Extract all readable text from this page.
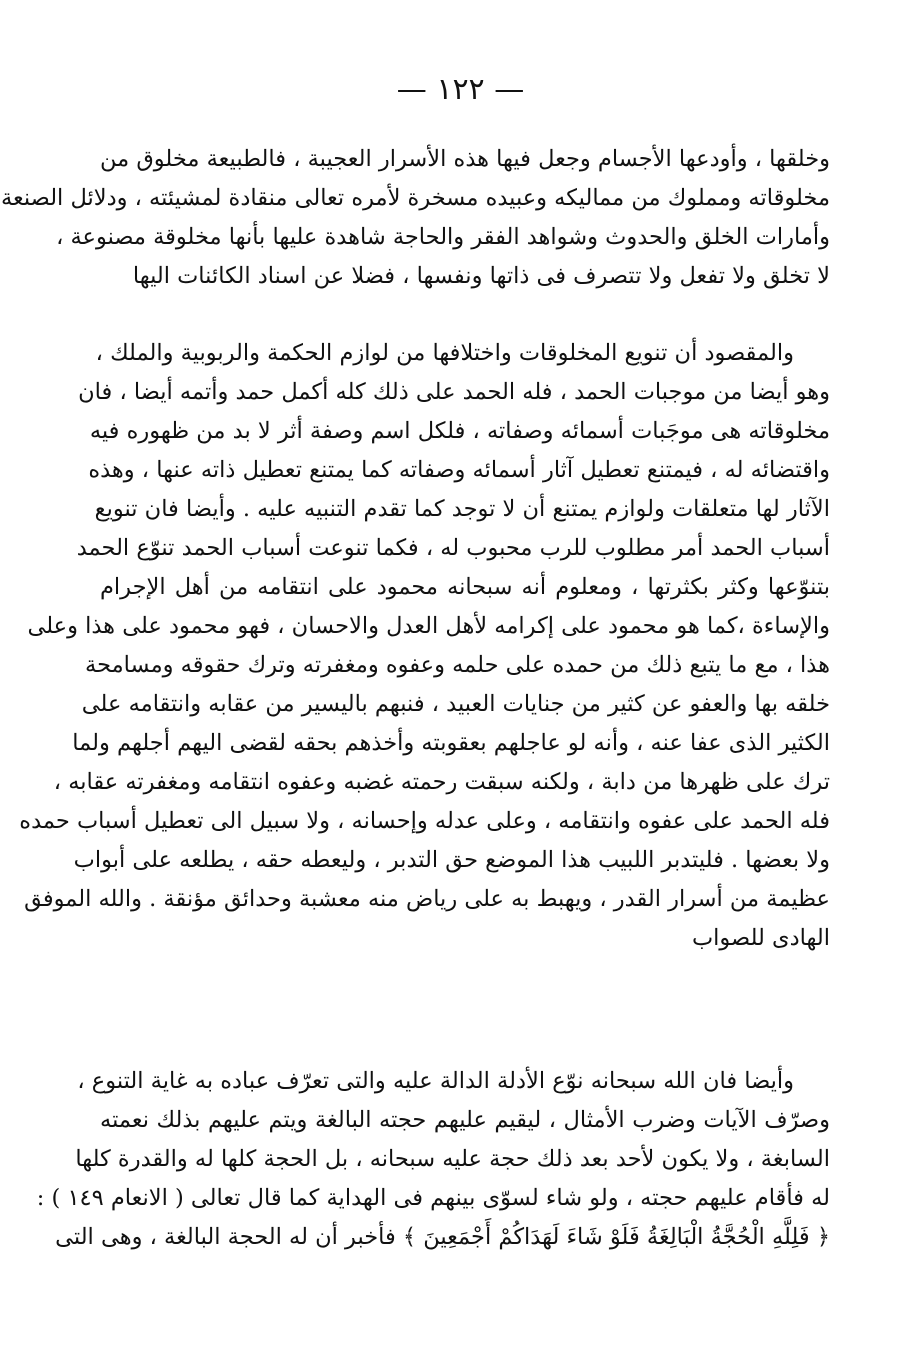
— ١٢٢ —
وخلقها ، وأودعها الأجسام وجعل فيها هذه الأسرار العجيبة ، فالطبيعة مخلوق من
مخلوقاته ومملوك من مماليكه وعبيده مسخرة لأمره تعالى منقادة لمشيئته ، ودلائل الصنعة
وأمارات الخلق والحدوث وشواهد الفقر والحاجة شاهدة عليها بأنها مخلوقة مصنوعة ،
لا تخلق ولا تفعل ولا تتصرف فى ذاتها ونفسها ، فضلا عن اسناد الكائنات اليها
والمقصود أن تنويع المخلوقات واختلافها من لوازم الحكمة والربوبية والملك ،
وهو أيضا من موجبات الحمد ، فله الحمد على ذلك كله أكمل حمد وأتمه أيضا ، فان
مخلوقاته هى موجَبات أسمائه وصفاته ، فلكل اسم وصفة أثر لا بد من ظهوره فيه
واقتضائه له ، فيمتنع تعطيل آثار أسمائه وصفاته كما يمتنع تعطيل ذاته عنها ، وهذه
الآثار لها متعلقات ولوازم يمتنع أن لا توجد كما تقدم التنبيه عليه . وأيضا فان تنويع
أسباب الحمد أمر مطلوب للرب محبوب له ، فكما تنوعت أسباب الحمد تنوّع الحمد
بتنوّعها وكثر بكثرتها ، ومعلوم أنه سبحانه محمود على انتقامه من أهل الإجرام
والإساءة ،كما هو محمود على إكرامه لأهل العدل والاحسان ، فهو محمود على هذا وعلى
هذا ، مع ما يتبع ذلك من حمده على حلمه وعفوه ومغفرته وترك حقوقه ومسامحة
خلقه بها والعفو عن كثير من جنايات العبيد ، فنبهم باليسير من عقابه وانتقامه على
الكثير الذى عفا عنه ، وأنه لو عاجلهم بعقوبته وأخذهم بحقه لقضى اليهم أجلهم ولما
ترك على ظهرها من دابة ، ولكنه سبقت رحمته غضبه وعفوه انتقامه ومغفرته عقابه ،
فله الحمد على عفوه وانتقامه ، وعلى عدله وإحسانه ، ولا سبيل الى تعطيل أسباب حمده
ولا بعضها . فليتدبر اللبيب هذا الموضع حق التدبر ، وليعطه حقه ، يطلعه على أبواب
عظيمة من أسرار القدر ، ويهبط به على رياض منه معشبة وحدائق مؤنقة . والله الموفق
الهادى للصواب
وأيضا فان الله سبحانه نوّع الأدلة الدالة عليه والتى تعرّف عباده به غاية التنوع ،
وصرّف الآيات وضرب الأمثال ، ليقيم عليهم حجته البالغة ويتم عليهم بذلك نعمته
السابغة ، ولا يكون لأحد بعد ذلك حجة عليه سبحانه ، بل الحجة كلها له والقدرة كلها
له فأقام عليهم حجته ، ولو شاء لسوّى بينهم فى الهداية كما قال تعالى ( الانعام ١٤٩ ) :
﴿ فَلِلَّهِ الْحُجَّةُ الْبَالِغَةُ فَلَوْ شَاءَ لَهَدَاكُمْ أَجْمَعِينَ ﴾ فأخبر أن له الحجة البالغة ، وهى التى
